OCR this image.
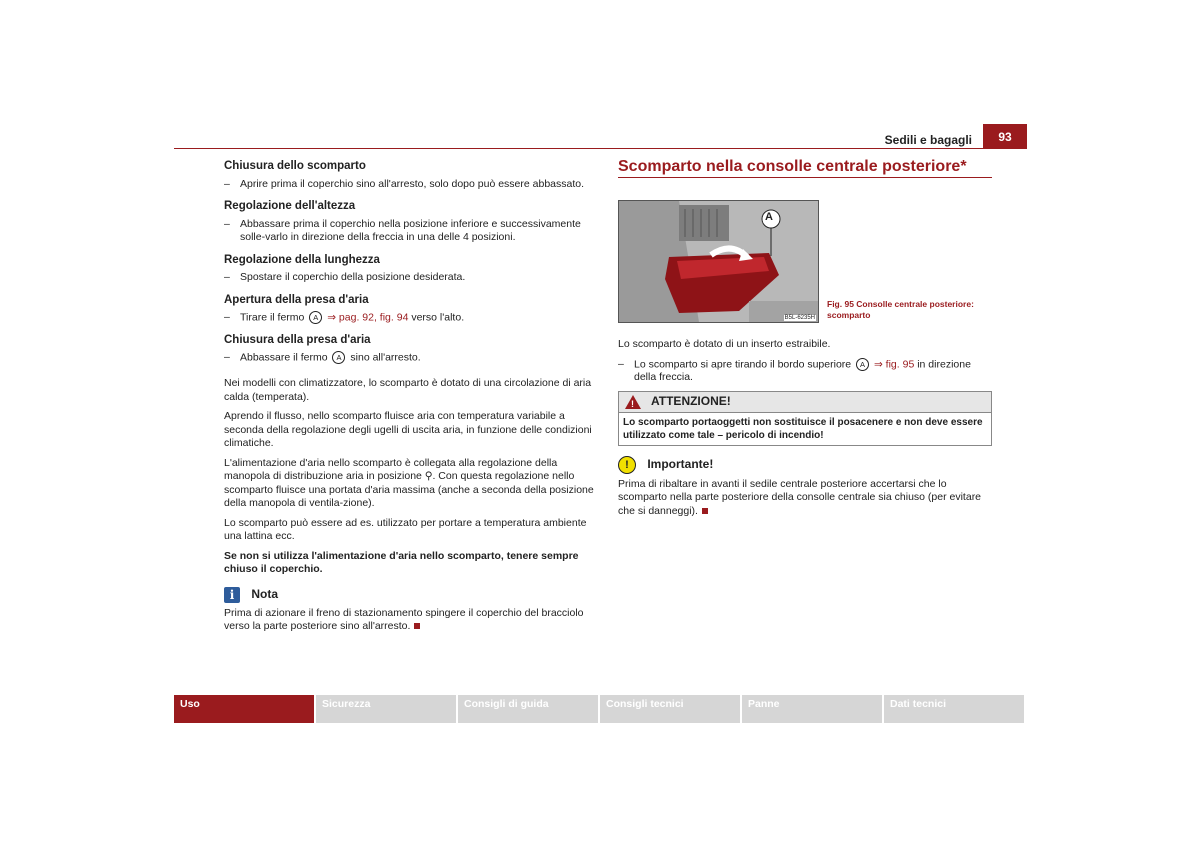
Sedili e bagagli	93
Chiusura dello scomparto
– Aprire prima il coperchio sino all'arresto, solo dopo può essere abbassato.
Regolazione dell'altezza
– Abbassare prima il coperchio nella posizione inferiore e successivamente solle-varlo in direzione della freccia in una delle 4 posizioni.
Regolazione della lunghezza
– Spostare il coperchio della posizione desiderata.
Apertura della presa d'aria
– Tirare il fermo A ⇒ pag. 92, fig. 94 verso l'alto.
Chiusura della presa d'aria
– Abbassare il fermo A sino all'arresto.

Nei modelli con climatizzatore, lo scomparto è dotato di una circolazione di aria calda (temperata).

Aprendo il flusso, nello scomparto fluisce aria con temperatura variabile a seconda della regolazione degli ugelli di uscita aria, in funzione delle condizioni climatiche.

L'alimentazione d'aria nello scomparto è collegata alla regolazione della manopola di distribuzione aria in posizione ⚲. Con questa regolazione nello scomparto fluisce una portata d'aria massima (anche a seconda della posizione della manopola di ventila-zione).

Lo scomparto può essere ad es. utilizzato per portare a temperatura ambiente una lattina ecc.

Se non si utilizza l'alimentazione d'aria nello scomparto, tenere sempre chiuso il coperchio.

i Nota

Prima di azionare il freno di stazionamento spingere il coperchio del bracciolo verso la parte posteriore sino all'arresto.

Scomparto nella consolle centrale posteriore*
A
B5L-6235H
Fig. 95 Consolle centrale posteriore: scomparto

Lo scomparto è dotato di un inserto estraibile.

– Lo scomparto si apre tirando il bordo superiore A ⇒ fig. 95 in direzione della freccia.
! ATTENZIONE!
Lo scomparto portaoggetti non sostituisce il posacenere e non deve essere utilizzato come tale – pericolo di incendio!
! Importante!

Prima di ribaltare in avanti il sedile centrale posteriore accertarsi che lo scomparto nella parte posteriore della consolle centrale sia chiuso (per evitare che si danneggi).

Uso	Sicurezza	Consigli di guida	Consigli tecnici	Panne	Dati tecnici
